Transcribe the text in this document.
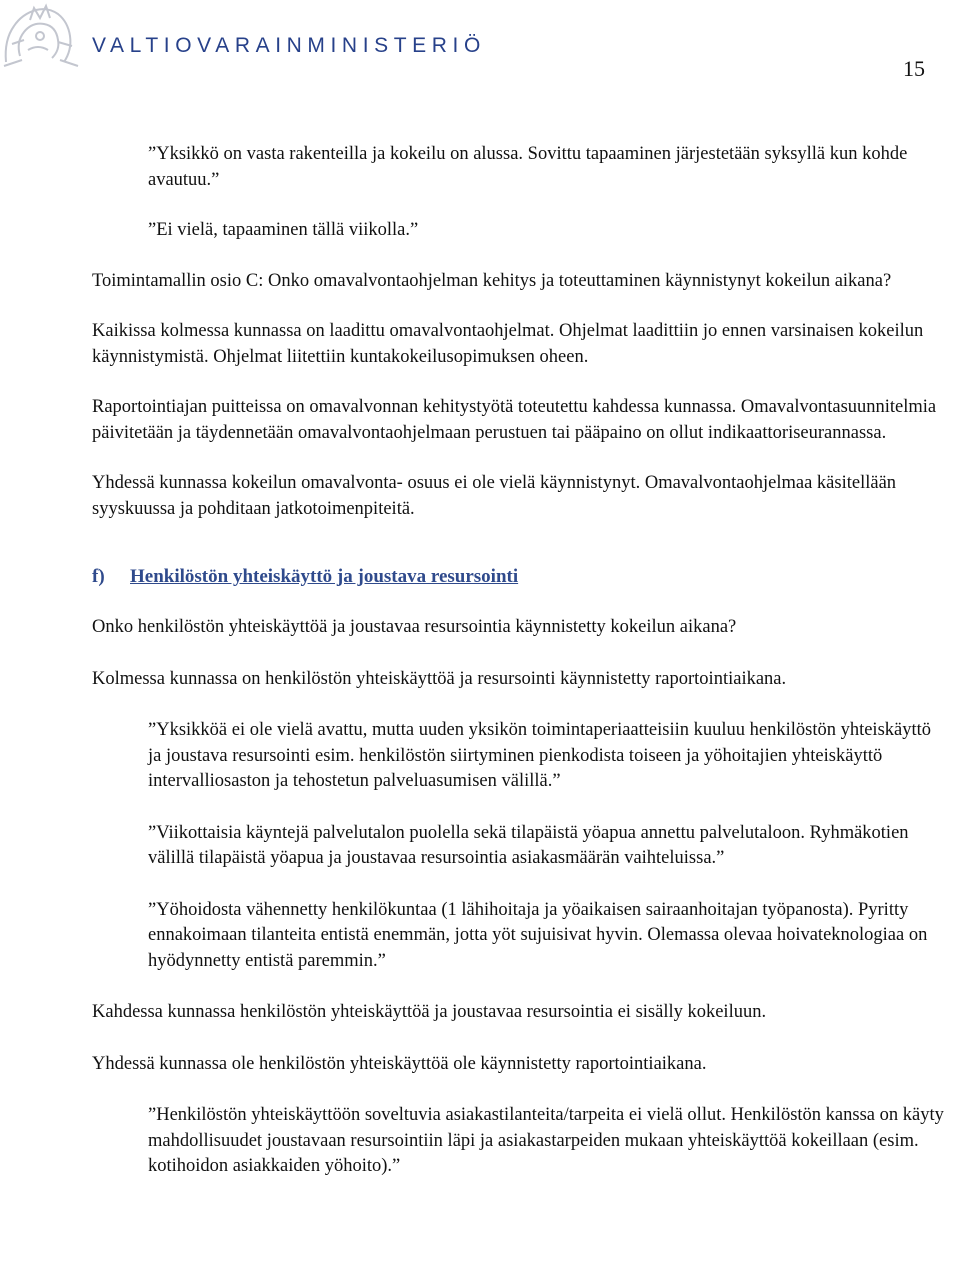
VALTIOVARAINMINISTERIÖ
15

”Yksikkö on vasta rakenteilla ja kokeilu on alussa. Sovittu tapaaminen järjestetään syksyllä kun kohde avautuu.”

”Ei vielä, tapaaminen tällä viikolla.”

Toimintamallin osio C: Onko omavalvontaohjelman kehitys ja toteuttaminen käynnistynyt kokeilun aikana?

Kaikissa kolmessa kunnassa on laadittu omavalvontaohjelmat. Ohjelmat laadittiin jo ennen varsinaisen kokeilun käynnistymistä. Ohjelmat liitettiin kuntakokeilusopimuksen oheen.

Raportointiajan puitteissa on omavalvonnan kehitystyötä toteutettu kahdessa kunnassa. Omavalvontasuunnitelmia päivitetään ja täydennetään omavalvontaohjelmaan perustuen tai pääpaino on ollut indikaattoriseurannassa.

Yhdessä kunnassa kokeilun omavalvonta- osuus ei ole vielä käynnistynyt. Omavalvontaohjelmaa käsitellään syyskuussa ja pohditaan jatkotoimenpiteitä.

f) Henkilöstön yhteiskäyttö ja joustava resursointi

Onko henkilöstön yhteiskäyttöä ja joustavaa resursointia käynnistetty kokeilun aikana?

Kolmessa kunnassa on henkilöstön yhteiskäyttöä ja resursointi käynnistetty raportointiaikana.

”Yksikköä ei ole vielä avattu, mutta uuden yksikön toimintaperiaatteisiin kuuluu henkilöstön yhteiskäyttö ja joustava resursointi esim. henkilöstön siirtyminen pienkodista toiseen ja yöhoitajien yhteiskäyttö intervalliosaston ja tehostetun palveluasumisen välillä.”

”Viikottaisia käyntejä palvelutalon puolella sekä tilapäistä yöapua annettu palvelutaloon. Ryhmäkotien välillä tilapäistä yöapua ja joustavaa resursointia asiakasmäärän vaihteluissa.”

”Yöhoidosta vähennetty henkilökuntaa (1 lähihoitaja ja yöaikaisen sairaanhoitajan työpanosta). Pyritty ennakoimaan tilanteita entistä enemmän, jotta yöt sujuisivat hyvin. Olemassa olevaa hoivateknologiaa on hyödynnetty entistä paremmin.”

Kahdessa kunnassa henkilöstön yhteiskäyttöä ja joustavaa resursointia ei sisälly kokeiluun.

Yhdessä kunnassa ole henkilöstön yhteiskäyttöä ole käynnistetty raportointiaikana.

”Henkilöstön yhteiskäyttöön soveltuvia asiakastilanteita/tarpeita ei vielä ollut. Henkilöstön kanssa on käyty mahdollisuudet joustavaan resursointiin läpi ja asiakastarpeiden mukaan yhteiskäyttöä kokeillaan (esim. kotihoidon asiakkaiden yöhoito).”
